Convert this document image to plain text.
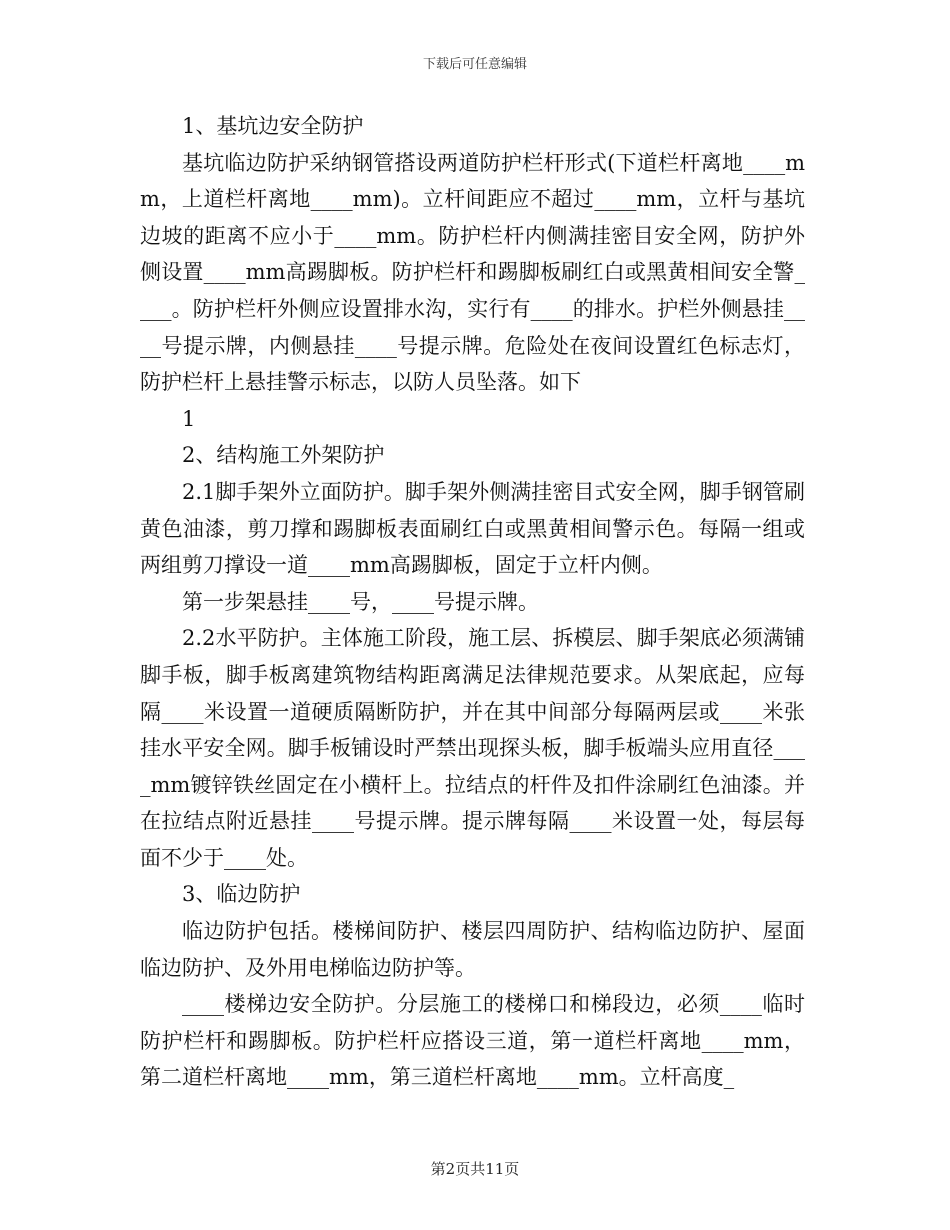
下载后可任意编辑

1、基坑边安全防护

基坑临边防护采纳钢管搭设两道防护栏杆形式(下道栏杆离地____mm，上道栏杆离地____mm)。立杆间距应不超过____mm，立杆与基坑边坡的距离不应小于____mm。防护栏杆内侧满挂密目安全网，防护外侧设置____mm高踢脚板。防护栏杆和踢脚板刷红白或黑黄相间安全警____。防护栏杆外侧应设置排水沟，实行有____的排水。护栏外侧悬挂____号提示牌，内侧悬挂____号提示牌。危险处在夜间设置红色标志灯，防护栏杆上悬挂警示标志，以防人员坠落。如下

1

2、结构施工外架防护

2.1脚手架外立面防护。脚手架外侧满挂密目式安全网，脚手钢管刷黄色油漆，剪刀撑和踢脚板表面刷红白或黑黄相间警示色。每隔一组或两组剪刀撑设一道____mm高踢脚板，固定于立杆内侧。

第一步架悬挂____号，____号提示牌。

2.2水平防护。主体施工阶段，施工层、拆模层、脚手架底必须满铺脚手板，脚手板离建筑物结构距离满足法律规范要求。从架底起，应每隔____米设置一道硬质隔断防护，并在其中间部分每隔两层或____米张挂水平安全网。脚手板铺设时严禁出现探头板，脚手板端头应用直径____mm镀锌铁丝固定在小横杆上。拉结点的杆件及扣件涂刷红色油漆。并在拉结点附近悬挂____号提示牌。提示牌每隔____米设置一处，每层每面不少于____处。

3、临边防护

临边防护包括。楼梯间防护、楼层四周防护、结构临边防护、屋面临边防护、及外用电梯临边防护等。

____楼梯边安全防护。分层施工的楼梯口和梯段边，必须____临时防护栏杆和踢脚板。防护栏杆应搭设三道，第一道栏杆离地____mm，第二道栏杆离地____mm，第三道栏杆离地____mm。立杆高度_

第2页共11页
